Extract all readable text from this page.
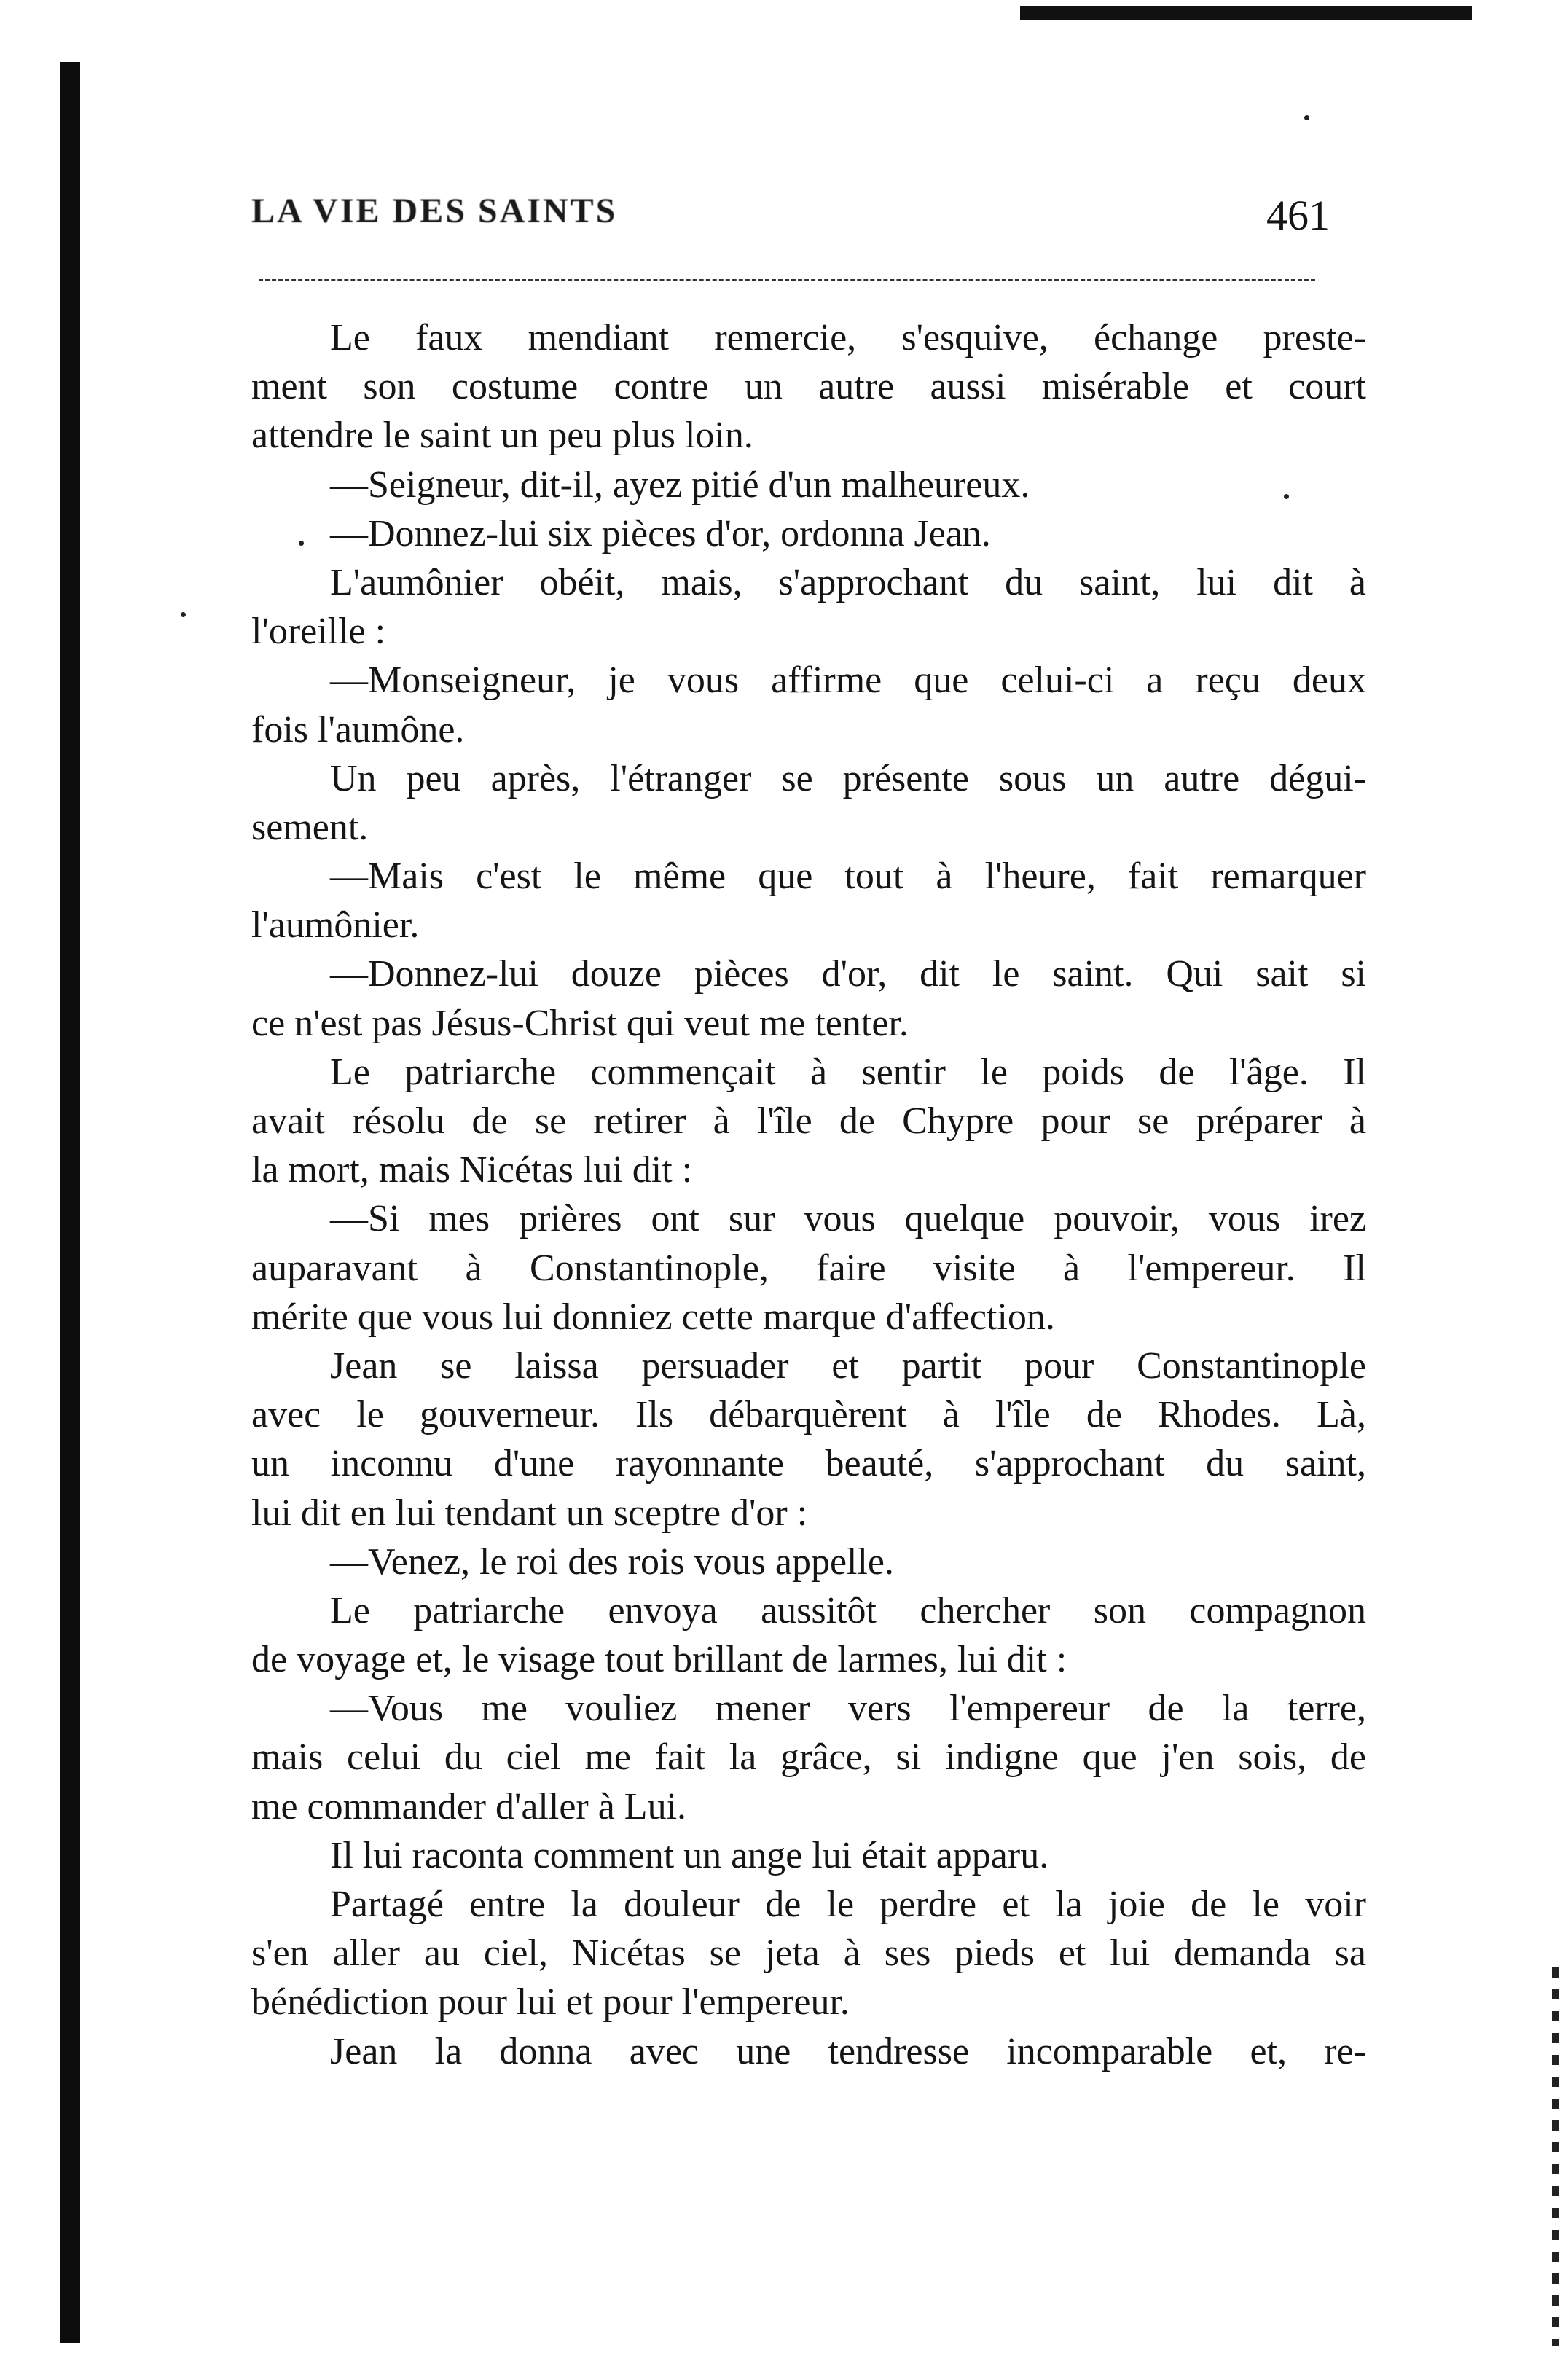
LA VIE DES SAINTS	461
Le faux mendiant remercie, s'esquive, échange preste-
ment son costume contre un autre aussi misérable et court
attendre le saint un peu plus loin.
—Seigneur, dit-il, ayez pitié d'un malheureux.
—Donnez-lui six pièces d'or, ordonna Jean.
L'aumônier obéit, mais, s'approchant du saint, lui dit à
l'oreille :
—Monseigneur, je vous affirme que celui-ci a reçu deux
fois l'aumône.
Un peu après, l'étranger se présente sous un autre dégui-
sement.
—Mais c'est le même que tout à l'heure, fait remarquer
l'aumônier.
—Donnez-lui douze pièces d'or, dit le saint. Qui sait si
ce n'est pas Jésus-Christ qui veut me tenter.
Le patriarche commençait à sentir le poids de l'âge. Il
avait résolu de se retirer à l'île de Chypre pour se préparer à
la mort, mais Nicétas lui dit :
—Si mes prières ont sur vous quelque pouvoir, vous irez
auparavant à Constantinople, faire visite à l'empereur. Il
mérite que vous lui donniez cette marque d'affection.
Jean se laissa persuader et partit pour Constantinople
avec le gouverneur. Ils débarquèrent à l'île de Rhodes. Là,
un inconnu d'une rayonnante beauté, s'approchant du saint,
lui dit en lui tendant un sceptre d'or :
—Venez, le roi des rois vous appelle.
Le patriarche envoya aussitôt chercher son compagnon
de voyage et, le visage tout brillant de larmes, lui dit :
—Vous me vouliez mener vers l'empereur de la terre,
mais celui du ciel me fait la grâce, si indigne que j'en sois, de
me commander d'aller à Lui.
Il lui raconta comment un ange lui était apparu.
Partagé entre la douleur de le perdre et la joie de le voir
s'en aller au ciel, Nicétas se jeta à ses pieds et lui demanda sa
bénédiction pour lui et pour l'empereur.
Jean la donna avec une tendresse incomparable et, re-
